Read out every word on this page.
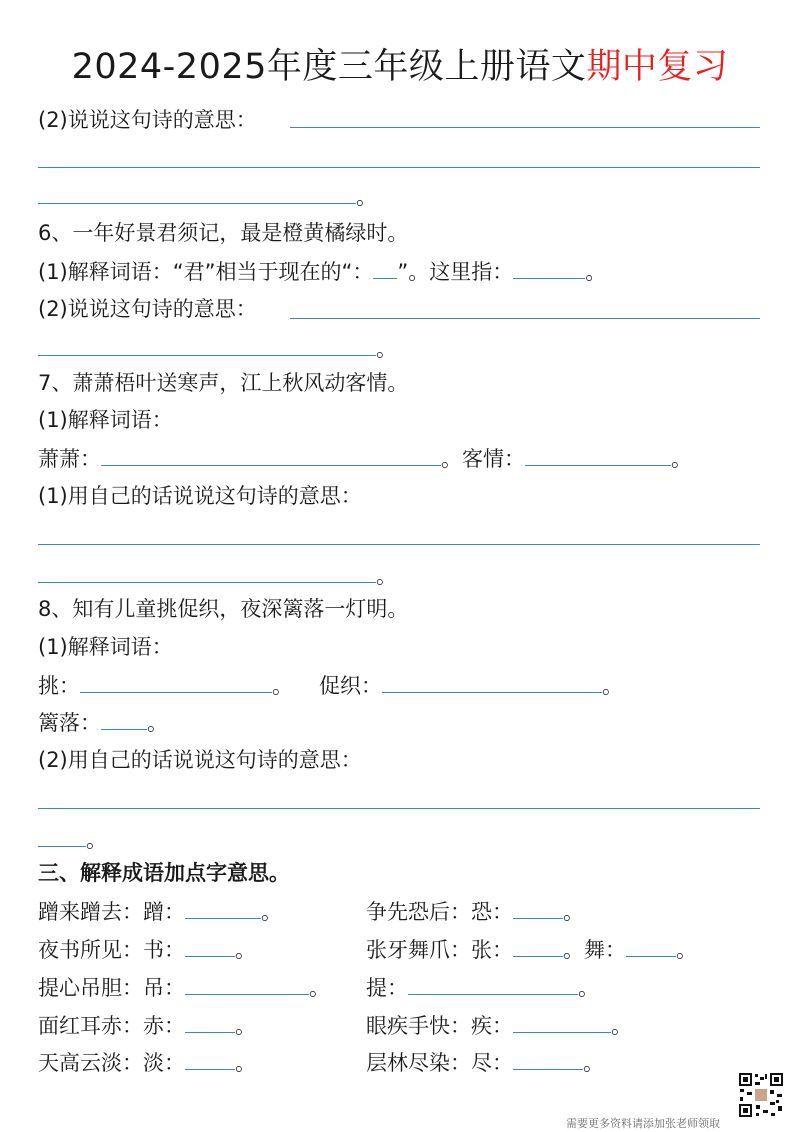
2024-2025年度三年级上册语文期中复习
(2)说说这句诗的意思：
。
6、一年好景君须记，最是橙黄橘绿时。
(1)解释词语：“君”相当于现在的“： ”。这里指：	。
(2)说说这句诗的意思：
。
7、萧萧梧叶送寒声，江上秋风动客情。
(1)解释词语：
萧萧：	。客情：	。
(1)用自己的话说说这句诗的意思：
。
8、知有儿童挑促织，夜深篱落一灯明。
(1)解释词语：
挑：	。 促织：	。
篱落： 。
(2)用自己的话说说这句诗的意思：
。
三、解释成语加点字意思。
蹭来蹭去：蹭：	。	争先恐后：恐： 。
夜书所见：书： 。	张牙舞爪：张： 。舞： 。
提心吊胆：吊：	。 提：	。
面红耳赤：赤： 。	眼疾手快：疾：	。
天高云淡：淡： 。	层林尽染：尽：	。
需要更多资料请添加张老师领取
